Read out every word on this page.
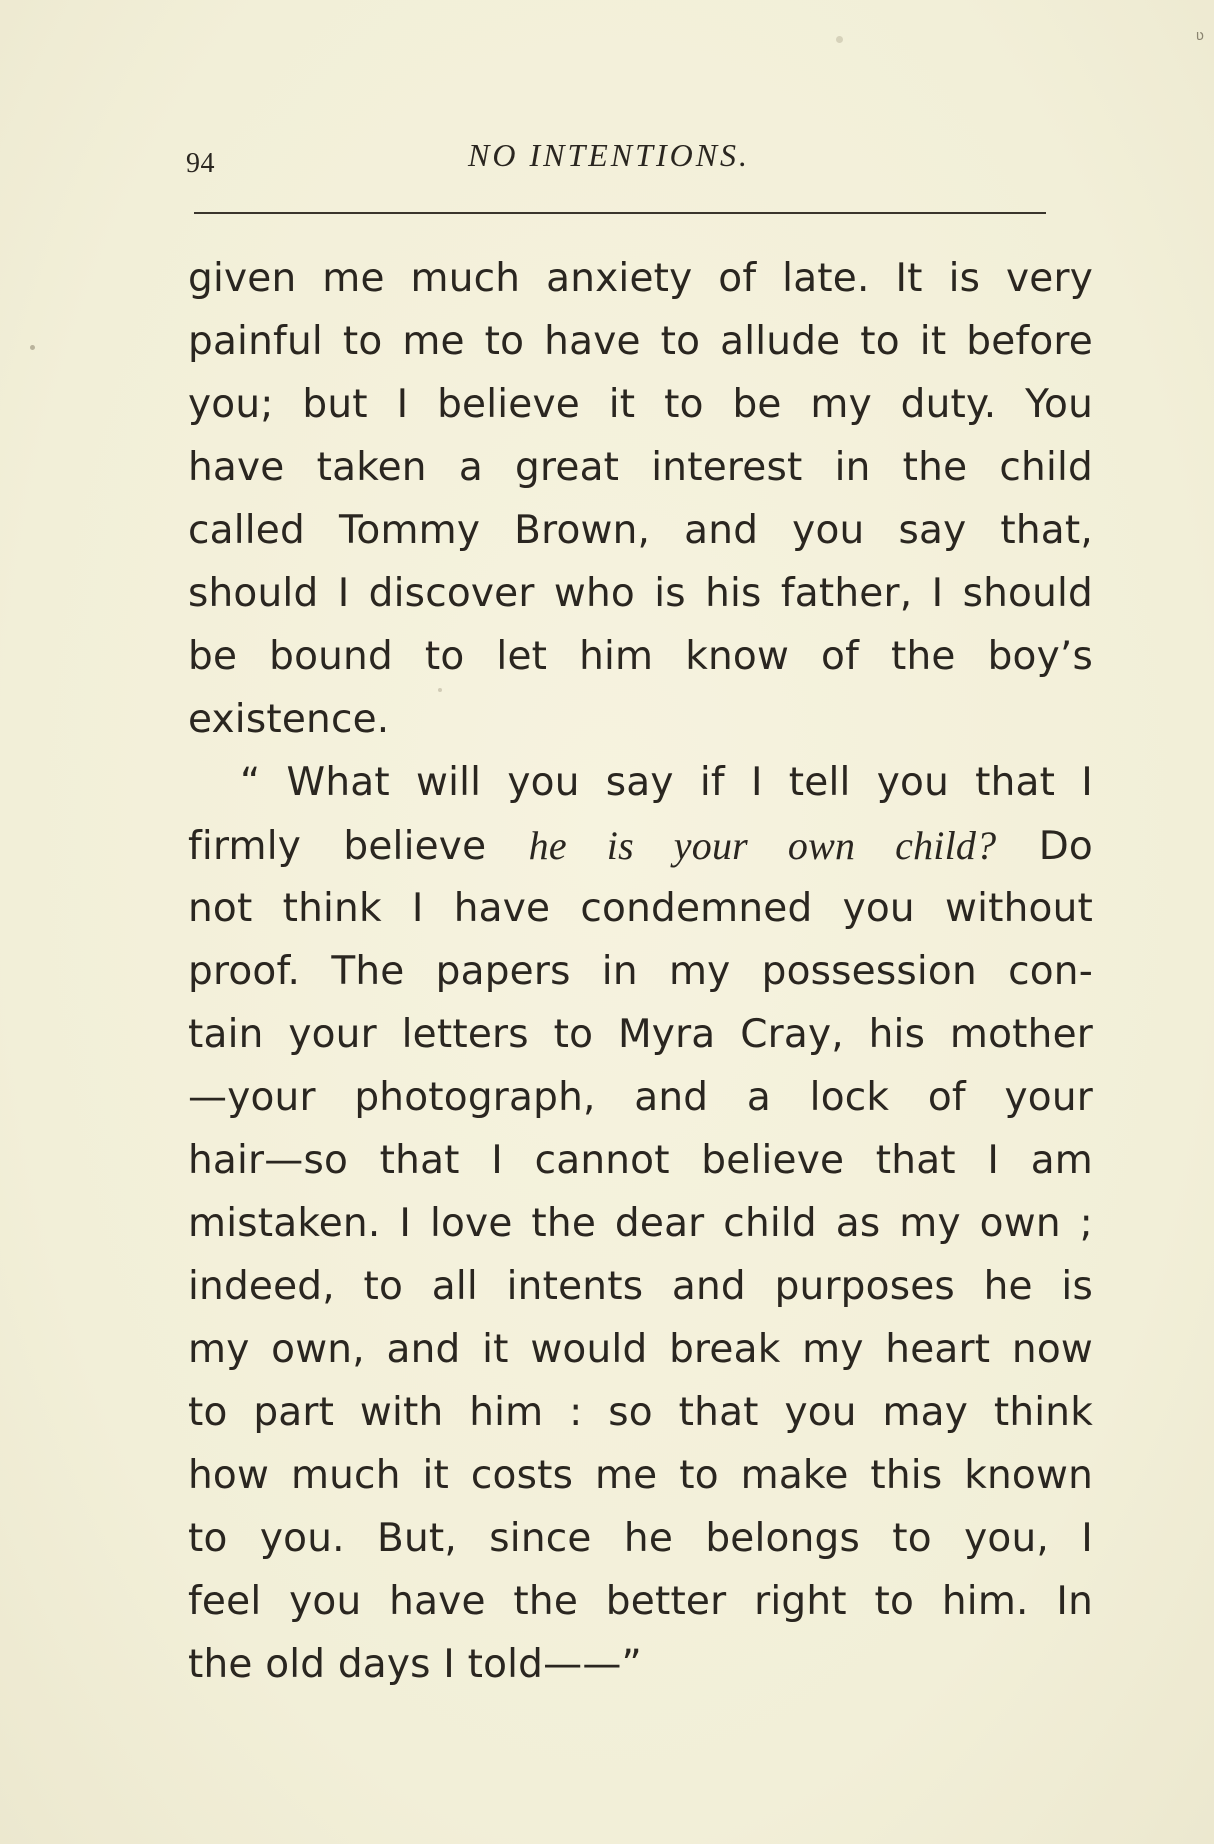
ʋ
94	NO INTENTIONS.
given me much anxiety of late. It is very
painful to me to have to allude to it before
you; but I believe it to be my duty. You
have taken a great interest in the child
called Tommy Brown, and you say that,
should I discover who is his father, I should
be bound to let him know of the boy’s
existence.
“ What will you say if I tell you that I
firmly believe he is your own child? Do
not think I have condemned you without
proof. The papers in my possession con-
tain your letters to Myra Cray, his mother
—your photograph, and a lock of your
hair—so that I cannot believe that I am
mistaken. I love the dear child as my own ;
indeed, to all intents and purposes he is
my own, and it would break my heart now
to part with him : so that you may think
how much it costs me to make this known
to you. But, since he belongs to you, I
feel you have the better right to him. In
the old days I told——”
